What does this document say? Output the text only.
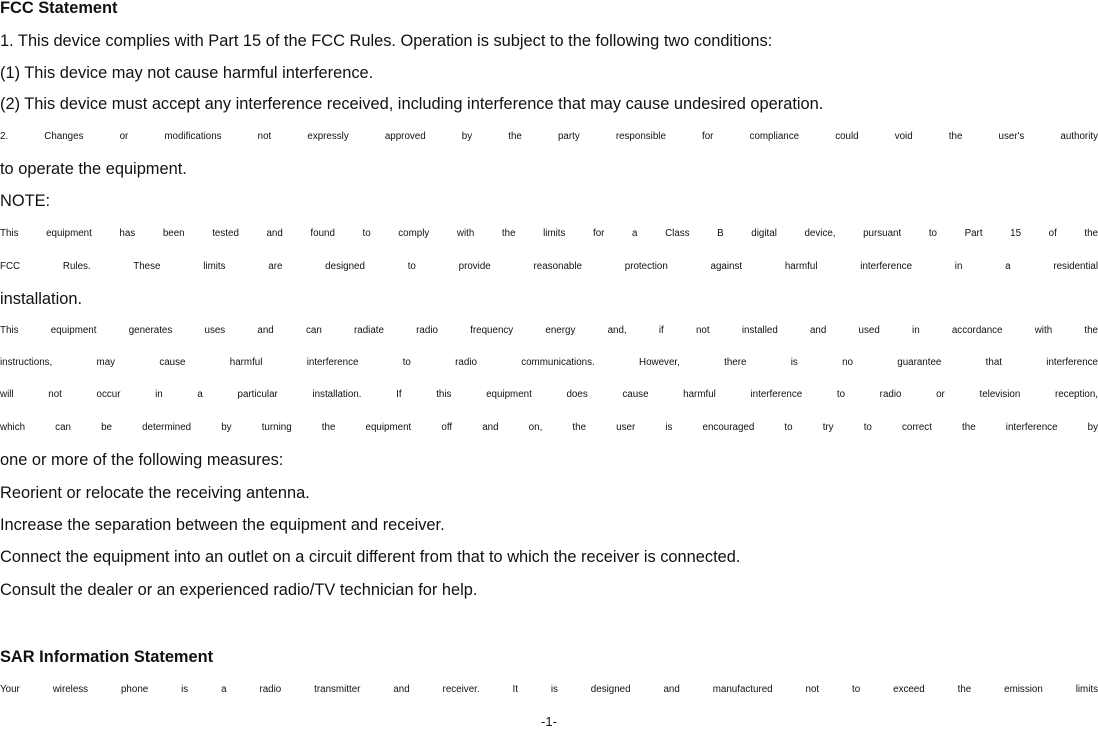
FCC Statement
1. This device complies with Part 15 of the FCC Rules. Operation is subject to the following two conditions:
(1) This device may not cause harmful interference.
(2) This device must accept any interference received, including interference that may cause undesired operation.
2. Changes or modifications not expressly approved by the party responsible for compliance could void the user's authority
to operate the equipment.
NOTE:
This equipment has been tested and found to comply with the limits for a Class B digital device, pursuant to Part 15 of the
FCC Rules. These limits are designed to provide reasonable protection against harmful interference in a residential
installation.
This equipment generates uses and can radiate radio frequency energy and, if not installed and used in accordance with the
instructions, may cause harmful interference to radio communications. However, there is no guarantee that interference
will not occur in a particular installation. If this equipment does cause harmful interference to radio or television reception,
which can be determined by turning the equipment off and on, the user is encouraged to try to correct the interference by
one or more of the following measures:
Reorient or relocate the receiving antenna.
Increase the separation between the equipment and receiver.
Connect the equipment into an outlet on a circuit different from that to which the receiver is connected.
Consult the dealer or an experienced radio/TV technician for help.
SAR Information Statement
Your wireless phone is a radio transmitter and receiver. It is designed and manufactured not to exceed the emission limits
-1-
